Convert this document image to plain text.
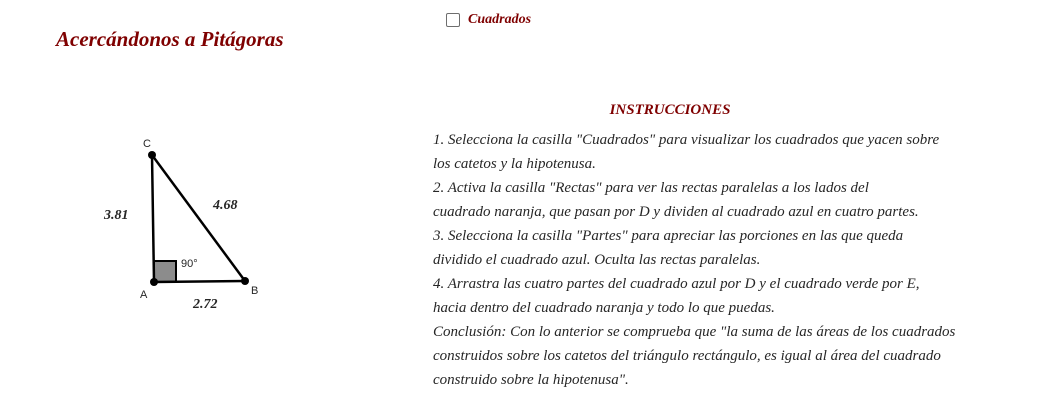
Acercándonos a Pitágoras
Cuadrados
C
A	B
90°
3.81
4.68
2.72
INSTRUCCIONES

1. Selecciona la casilla "Cuadrados" para visualizar los cuadrados que yacen sobre

los catetos y la hipotenusa.

2. Activa la casilla "Rectas" para ver las rectas paralelas a los lados del

cuadrado naranja, que pasan por D y dividen al cuadrado azul en cuatro partes.

3. Selecciona la casilla "Partes" para apreciar las porciones en las que queda

dividido el cuadrado azul. Oculta las rectas paralelas.

4. Arrastra las cuatro partes del cuadrado azul por D y el cuadrado verde por E,

hacia dentro del cuadrado naranja y todo lo que puedas.

Conclusión: Con lo anterior se comprueba que "la suma de las áreas de los cuadrados

construidos sobre los catetos del triángulo rectángulo, es igual al área del cuadrado

construido sobre la hipotenusa".
